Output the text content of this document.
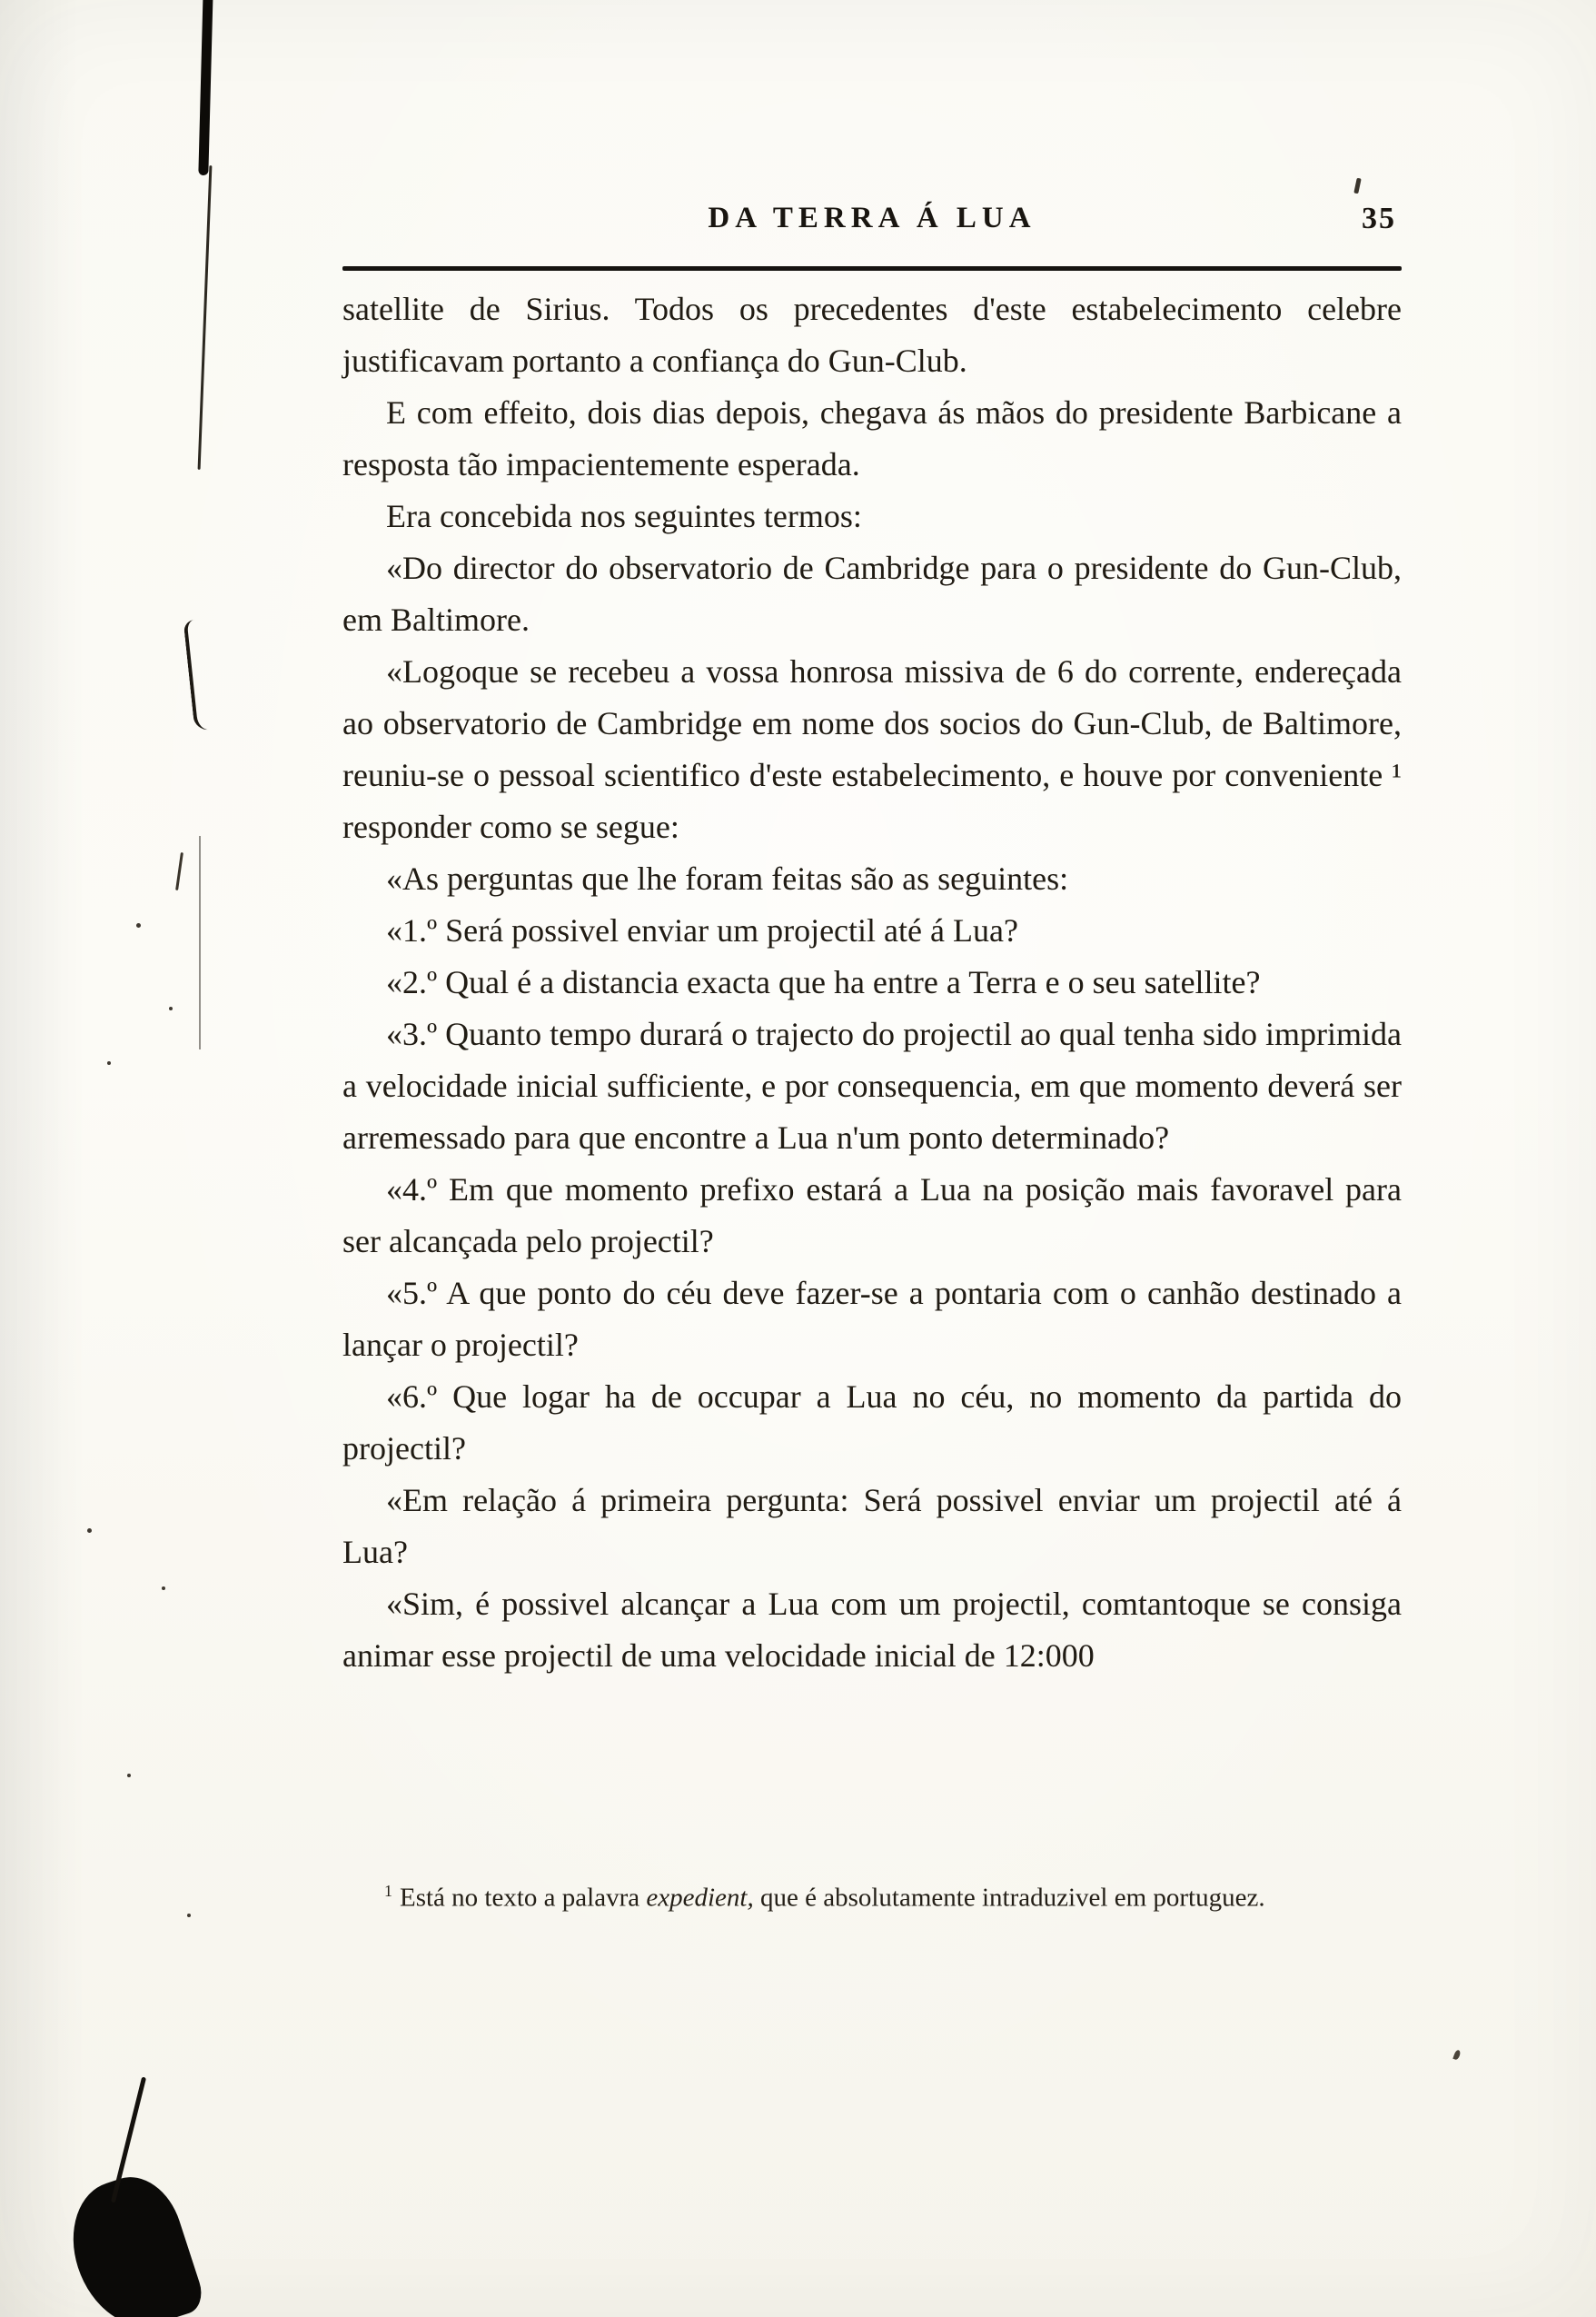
DA TERRA Á LUA	35

satellite de Sirius. Todos os precedentes d'este estabelecimento celebre justificavam portanto a confiança do Gun-Club.

E com effeito, dois dias depois, chegava ás mãos do presidente Barbicane a resposta tão impacientemente esperada.

Era concebida nos seguintes termos:

«Do director do observatorio de Cambridge para o presidente do Gun-Club, em Baltimore.

«Logoque se recebeu a vossa honrosa missiva de 6 do corrente, endereçada ao observatorio de Cambridge em nome dos socios do Gun-Club, de Baltimore, reuniu-se o pessoal scientifico d'este estabelecimento, e houve por conveniente ¹ responder como se segue:

«As perguntas que lhe foram feitas são as seguintes:

«1.º Será possivel enviar um projectil até á Lua?

«2.º Qual é a distancia exacta que ha entre a Terra e o seu satellite?

«3.º Quanto tempo durará o trajecto do projectil ao qual tenha sido imprimida a velocidade inicial sufficiente, e por consequencia, em que momento deverá ser arremessado para que encontre a Lua n'um ponto determinado?

«4.º Em que momento prefixo estará a Lua na posição mais favoravel para ser alcançada pelo projectil?

«5.º A que ponto do céu deve fazer-se a pontaria com o canhão destinado a lançar o projectil?

«6.º Que logar ha de occupar a Lua no céu, no momento da partida do projectil?

«Em relação á primeira pergunta: Será possivel enviar um projectil até á Lua?

«Sim, é possivel alcançar a Lua com um projectil, comtantoque se consiga animar esse projectil de uma velocidade inicial de 12:000

$^1$ Está no texto a palavra expedient, que é absolutamente intraduzivel em portuguez.
